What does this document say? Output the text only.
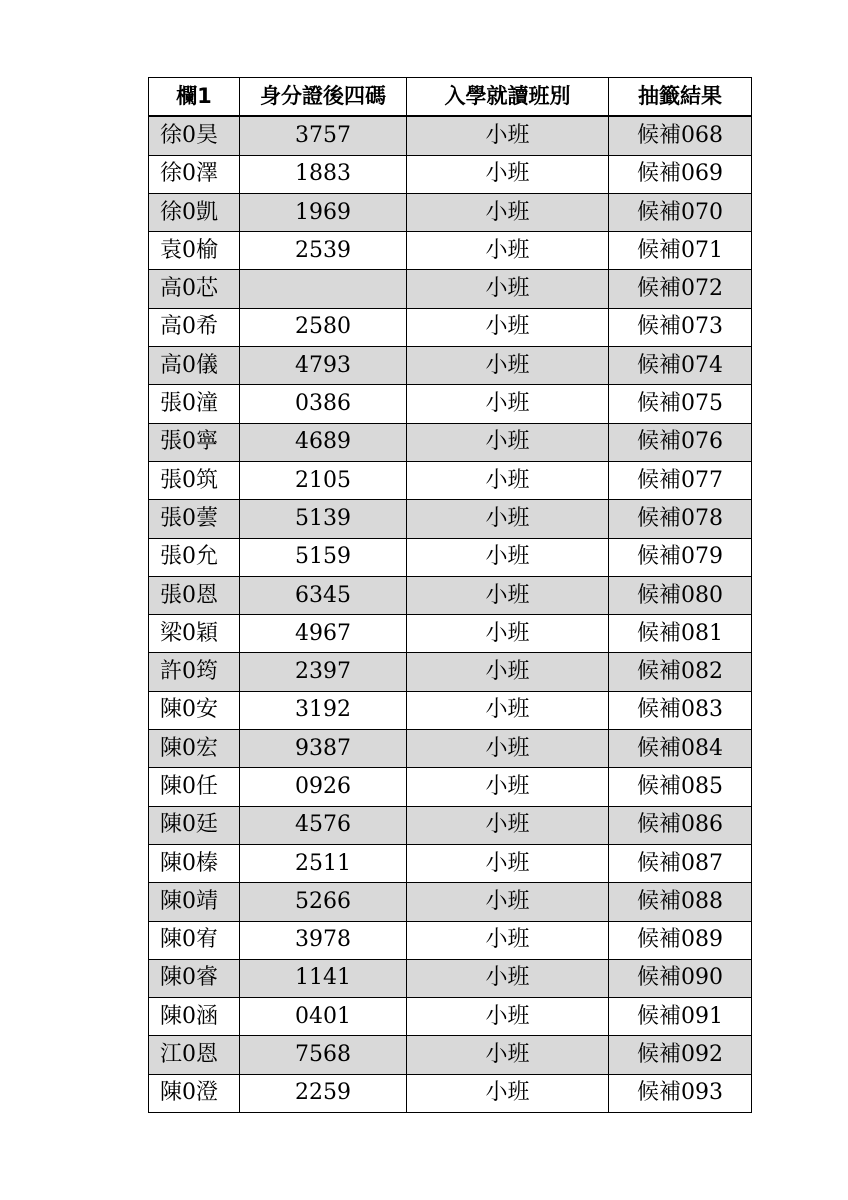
欄1	身分證後四碼	入學就讀班別	抽籤結果
徐0昊	3757	小班	候補068
徐0澤	1883	小班	候補069
徐0凱	1969	小班	候補070
袁0榆	2539	小班	候補071
高0芯		小班	候補072
高0希	2580	小班	候補073
高0儀	4793	小班	候補074
張0潼	0386	小班	候補075
張0寧	4689	小班	候補076
張0筑	2105	小班	候補077
張0蕓	5139	小班	候補078
張0允	5159	小班	候補079
張0恩	6345	小班	候補080
梁0穎	4967	小班	候補081
許0筠	2397	小班	候補082
陳0安	3192	小班	候補083
陳0宏	9387	小班	候補084
陳0任	0926	小班	候補085
陳0廷	4576	小班	候補086
陳0榛	2511	小班	候補087
陳0靖	5266	小班	候補088
陳0宥	3978	小班	候補089
陳0睿	1141	小班	候補090
陳0涵	0401	小班	候補091
江0恩	7568	小班	候補092
陳0澄	2259	小班	候補093
